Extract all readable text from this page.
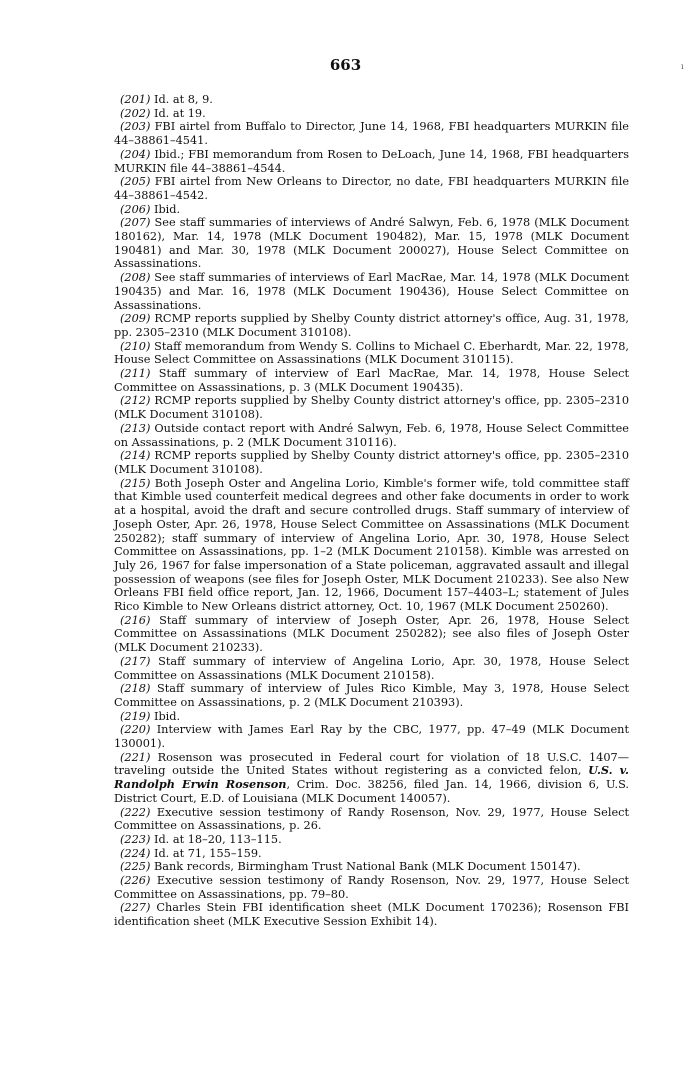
663	ı

(201) Id. at 8, 9.

(202) Id. at 19.

(203) FBI airtel from Buffalo to Director, June 14, 1968, FBI headquarters MURKIN file 44–38861–4541.

(204) Ibid.; FBI memorandum from Rosen to DeLoach, June 14, 1968, FBI headquarters MURKIN file 44–38861–4544.

(205) FBI airtel from New Orleans to Director, no date, FBI headquarters MURKIN file 44–38861–4542.

(206) Ibid.

(207) See staff summaries of interviews of André Salwyn, Feb. 6, 1978 (MLK Document 180162), Mar. 14, 1978 (MLK Document 190482), Mar. 15, 1978 (MLK Document 190481) and Mar. 30, 1978 (MLK Document 200027), House Select Committee on Assassinations.

(208) See staff summaries of interviews of Earl MacRae, Mar. 14, 1978 (MLK Document 190435) and Mar. 16, 1978 (MLK Document 190436), House Select Committee on Assassinations.

(209) RCMP reports supplied by Shelby County district attorney's office, Aug. 31, 1978, pp. 2305–2310 (MLK Document 310108).

(210) Staff memorandum from Wendy S. Collins to Michael C. Eberhardt, Mar. 22, 1978, House Select Committee on Assassinations (MLK Document 310115).

(211) Staff summary of interview of Earl MacRae, Mar. 14, 1978, House Select Committee on Assassinations, p. 3 (MLK Document 190435).

(212) RCMP reports supplied by Shelby County district attorney's office, pp. 2305–2310 (MLK Document 310108).

(213) Outside contact report with André Salwyn, Feb. 6, 1978, House Select Committee on Assassinations, p. 2 (MLK Document 310116).

(214) RCMP reports supplied by Shelby County district attorney's office, pp. 2305–2310 (MLK Document 310108).

(215) Both Joseph Oster and Angelina Lorio, Kimble's former wife, told committee staff that Kimble used counterfeit medical degrees and other fake documents in order to work at a hospital, avoid the draft and secure controlled drugs. Staff summary of interview of Joseph Oster, Apr. 26, 1978, House Select Committee on Assassinations (MLK Document 250282); staff summary of interview of Angelina Lorio, Apr. 30, 1978, House Select Committee on Assassinations, pp. 1–2 (MLK Document 210158). Kimble was arrested on July 26, 1967 for false impersonation of a State policeman, aggravated assault and illegal possession of weapons (see files for Joseph Oster, MLK Document 210233). See also New Orleans FBI field office report, Jan. 12, 1966, Document 157–4403–L; statement of Jules Rico Kimble to New Orleans district attorney, Oct. 10, 1967 (MLK Document 250260).

(216) Staff summary of interview of Joseph Oster, Apr. 26, 1978, House Select Committee on Assassinations (MLK Document 250282); see also files of Joseph Oster (MLK Document 210233).

(217) Staff summary of interview of Angelina Lorio, Apr. 30, 1978, House Select Committee on Assassinations (MLK Document 210158).

(218) Staff summary of interview of Jules Rico Kimble, May 3, 1978, House Select Committee on Assassinations, p. 2 (MLK Document 210393).

(219) Ibid.

(220) Interview with James Earl Ray by the CBC, 1977, pp. 47–49 (MLK Document 130001).

(221) Rosenson was prosecuted in Federal court for violation of 18 U.S.C. 1407—traveling outside the United States without registering as a convicted felon, U.S. v. Randolph Erwin Rosenson, Crim. Doc. 38256, filed Jan. 14, 1966, division 6, U.S. District Court, E.D. of Louisiana (MLK Document 140057).

(222) Executive session testimony of Randy Rosenson, Nov. 29, 1977, House Select Committee on Assassinations, p. 26.

(223) Id. at 18–20, 113–115.

(224) Id. at 71, 155–159.

(225) Bank records, Birmingham Trust National Bank (MLK Document 150147).

(226) Executive session testimony of Randy Rosenson, Nov. 29, 1977, House Select Committee on Assassinations, pp. 79–80.

(227) Charles Stein FBI identification sheet (MLK Document 170236); Rosenson FBI identification sheet (MLK Executive Session Exhibit 14).
